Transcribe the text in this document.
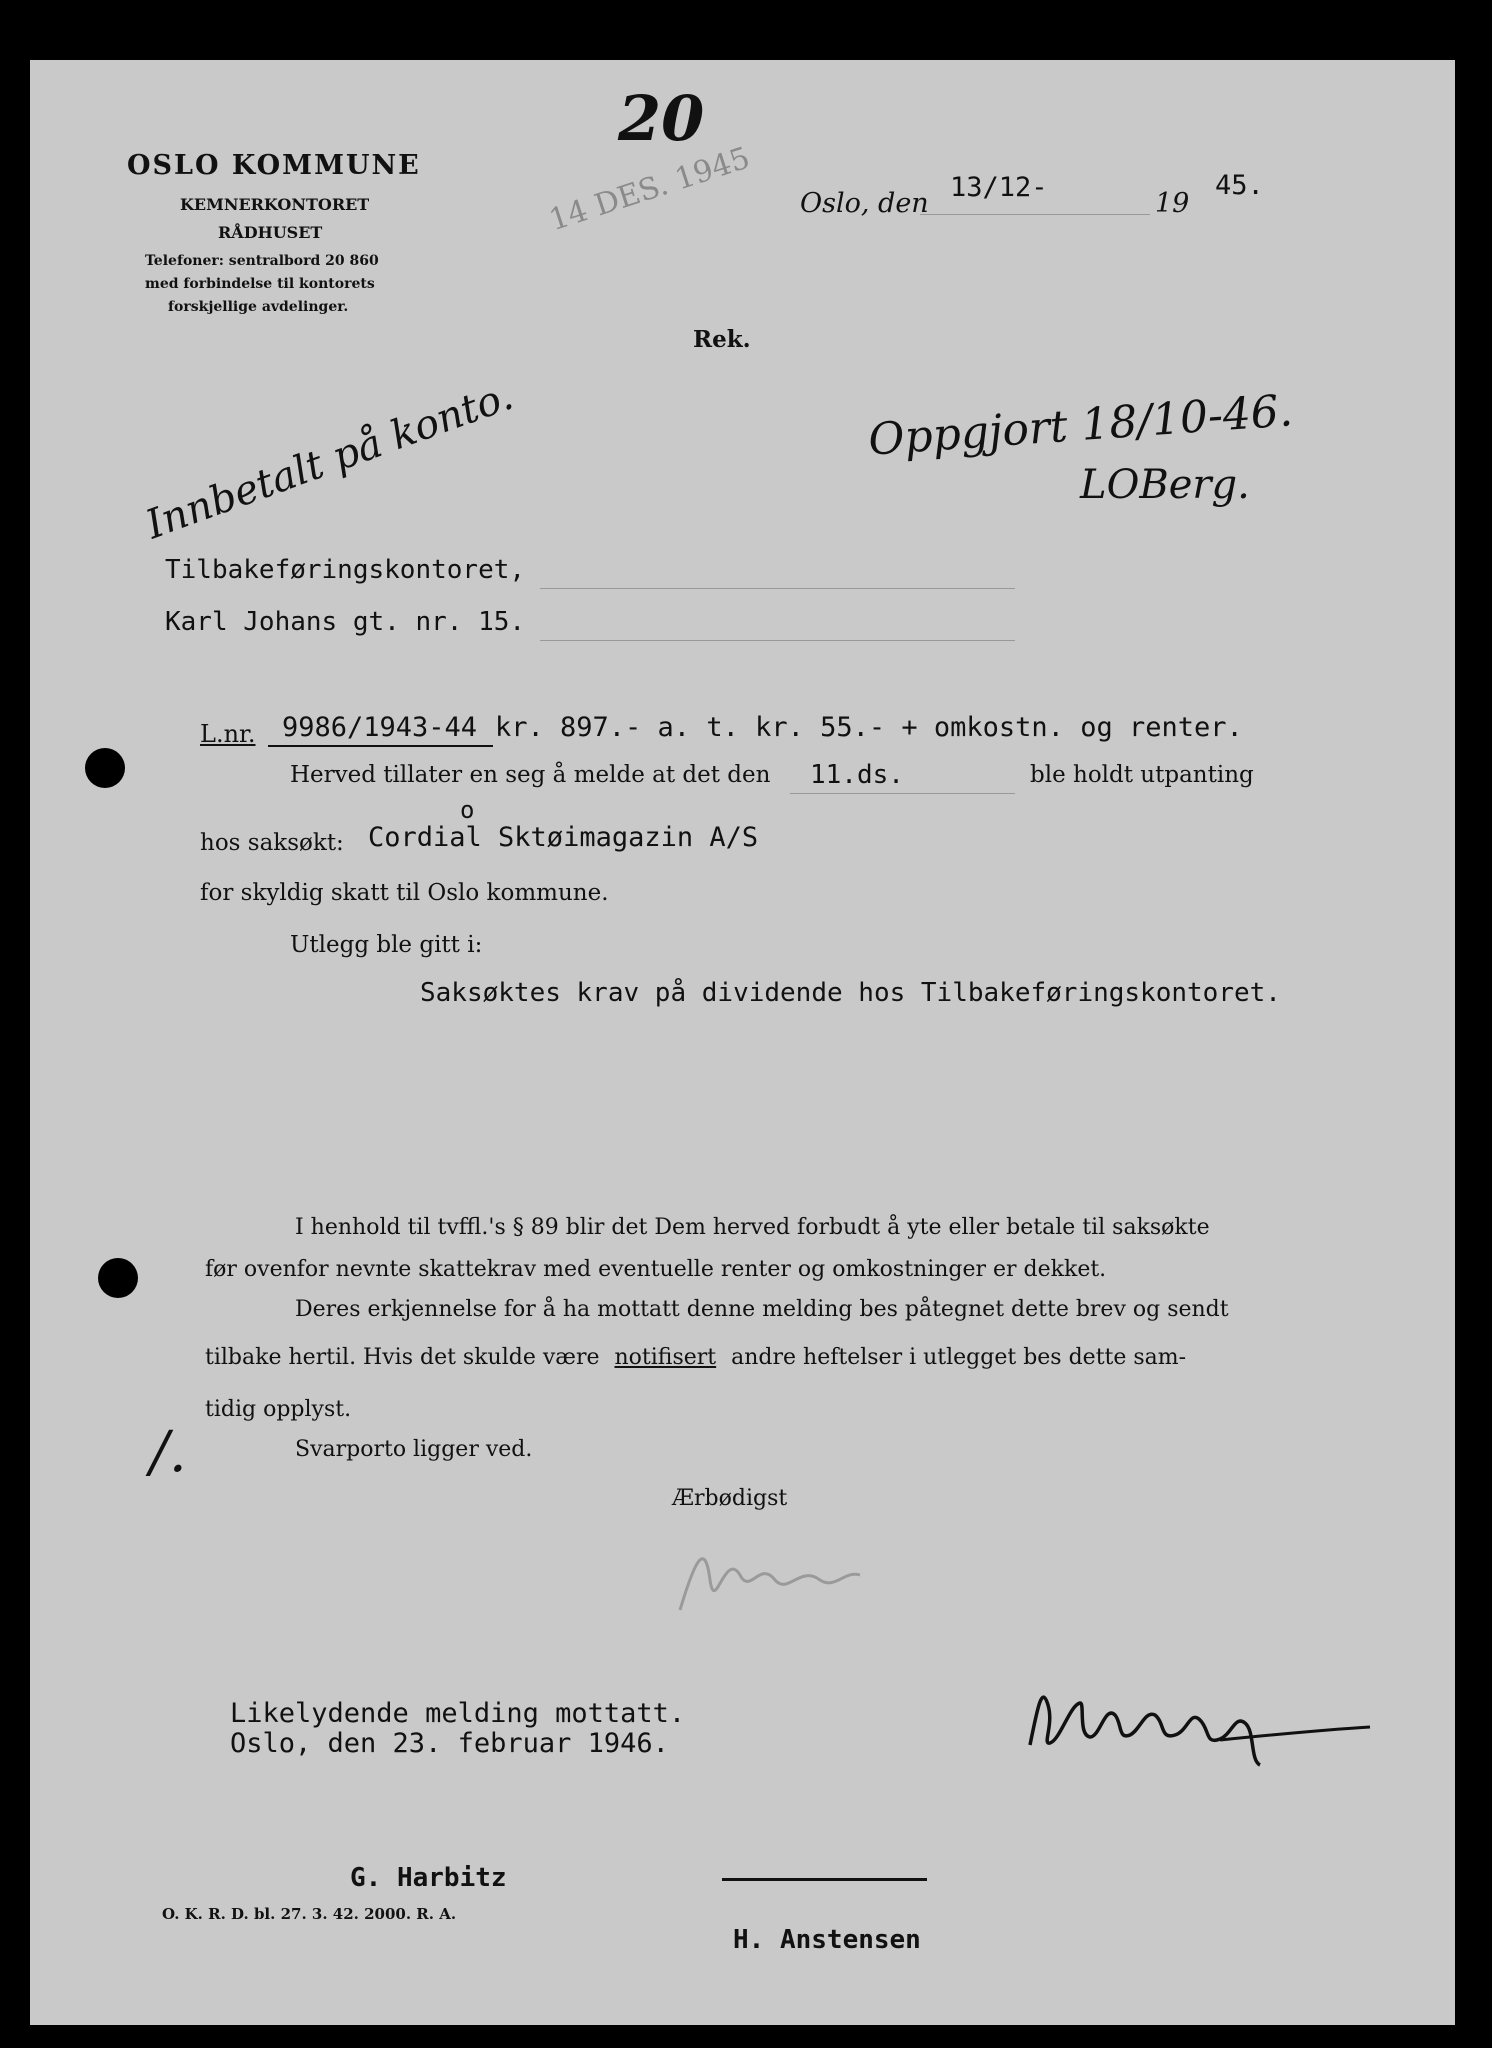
20
OSLO KOMMUNE
KEMNERKONTORET
RÅDHUSET
Telefoner: sentralbord 20 860
med forbindelse til kontorets
forskjellige avdelinger.
14 DES. 1945 Oslo, den
13/12-
19
45.
Rek.
Innbetalt på konto.	Oppgjort 18/10-46.
LOBerg.
Tilbakeføringskontoret,
Karl Johans gt. nr. 15.
L.nr. 9986/1943-44 kr. 897.- a. t. kr. 55.- + omkostn. og renter.
Herved tillater en seg å melde at det den 11.ds.	ble holdt utpanting
o
hos saksøkt: Cordial Sktøimagazin A/S
for skyldig skatt til Oslo kommune.
Utlegg ble gitt i:
Saksøktes krav på dividende hos Tilbakeføringskontoret.
I henhold til tvffl.'s § 89 blir det Dem herved forbudt å yte eller betale til saksøkte
før ovenfor nevnte skattekrav med eventuelle renter og omkostninger er dekket.
Deres erkjennelse for å ha mottatt denne melding bes påtegnet dette brev og sendt
tilbake hertil. Hvis det skulde være notifisert andre heftelser i utlegget bes dette sam-
tidig opplyst.
Svarporto ligger ved.
/.
Ærbødigst
Likelydende melding mottatt.
Oslo, den 23. februar 1946.
G. Harbitz
O. K. R. D. bl. 27. 3. 42. 2000. R. A.
H. Anstensen
